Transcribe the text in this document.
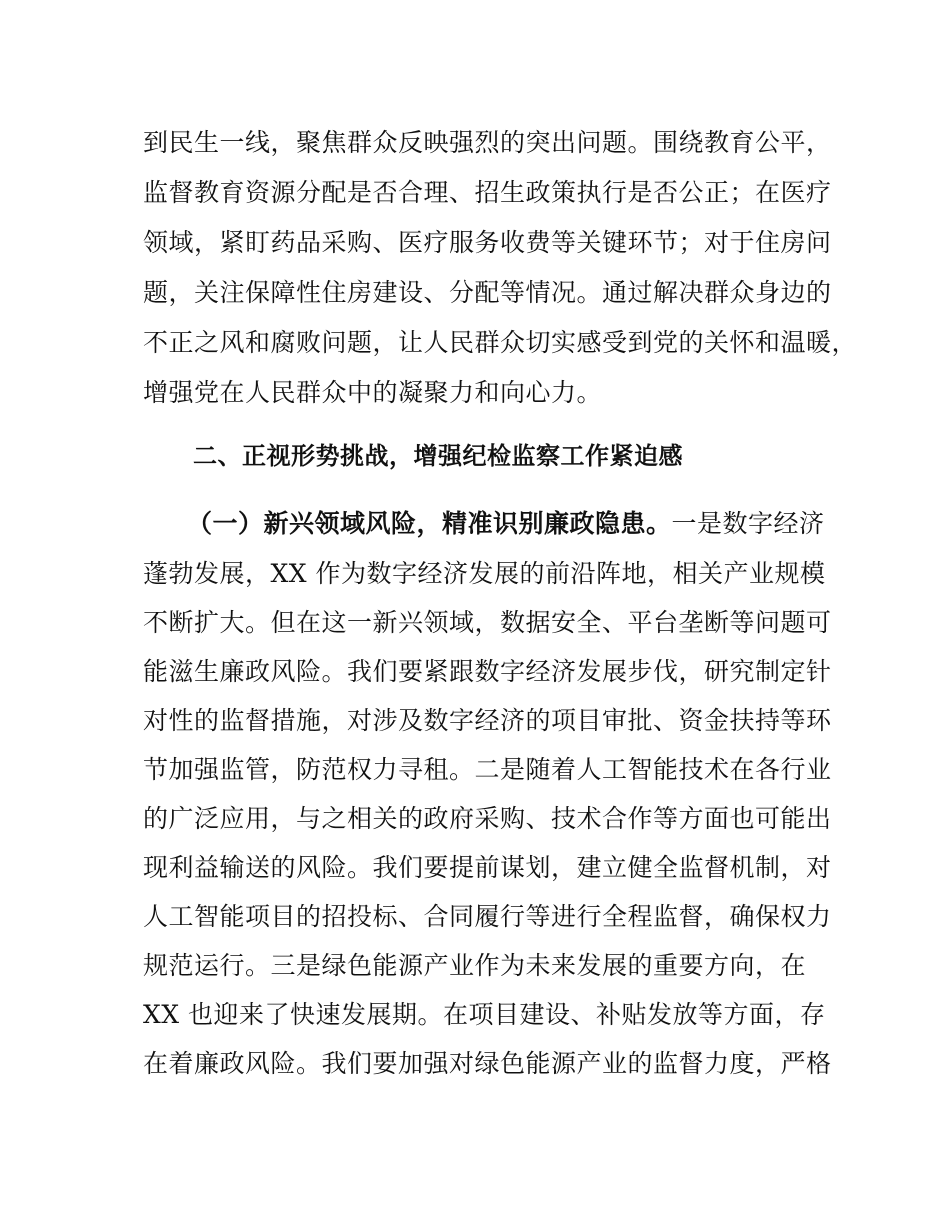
到民生一线，聚焦群众反映强烈的突出问题。围绕教育公平，
监督教育资源分配是否合理、招生政策执行是否公正；在医疗
领域，紧盯药品采购、医疗服务收费等关键环节；对于住房问
题，关注保障性住房建设、分配等情况。通过解决群众身边的
不正之风和腐败问题，让人民群众切实感受到党的关怀和温暖，
增强党在人民群众中的凝聚力和向心力。
二、正视形势挑战，增强纪检监察工作紧迫感
（一）新兴领域风险，精准识别廉政隐患。一是数字经济
蓬勃发展，XX 作为数字经济发展的前沿阵地，相关产业规模
不断扩大。但在这一新兴领域，数据安全、平台垄断等问题可
能滋生廉政风险。我们要紧跟数字经济发展步伐，研究制定针
对性的监督措施，对涉及数字经济的项目审批、资金扶持等环
节加强监管，防范权力寻租。二是随着人工智能技术在各行业
的广泛应用，与之相关的政府采购、技术合作等方面也可能出
现利益输送的风险。我们要提前谋划，建立健全监督机制，对
人工智能项目的招投标、合同履行等进行全程监督，确保权力
规范运行。三是绿色能源产业作为未来发展的重要方向，在
XX 也迎来了快速发展期。在项目建设、补贴发放等方面，存
在着廉政风险。我们要加强对绿色能源产业的监督力度，严格
